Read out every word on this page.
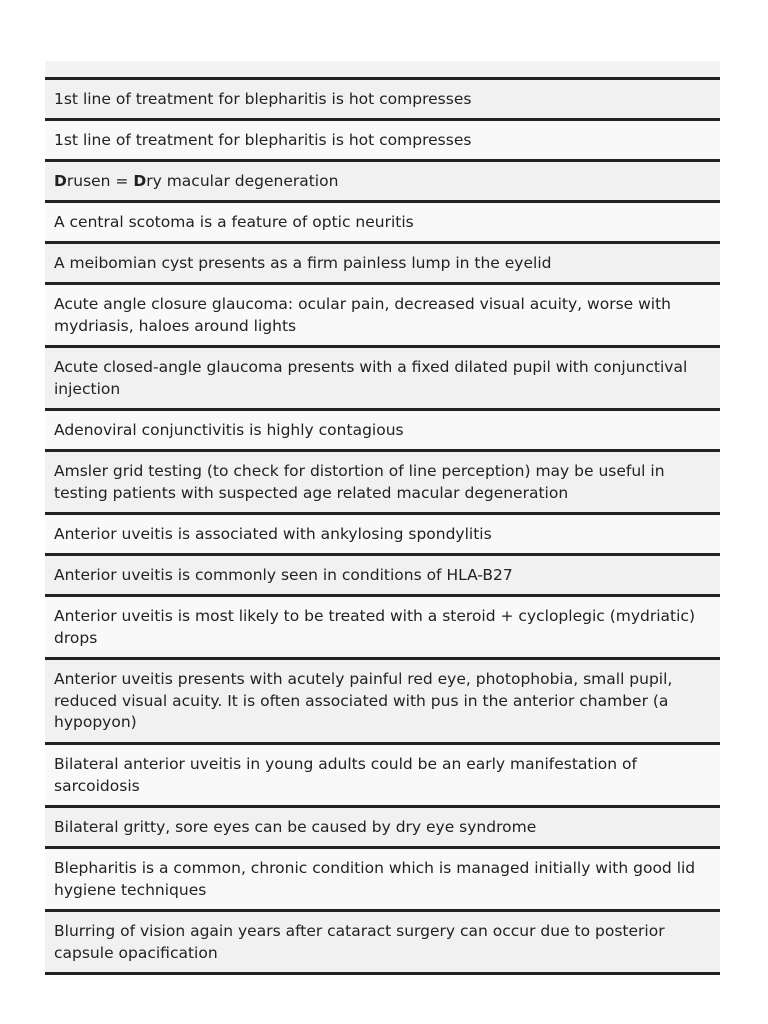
1st line of treatment for blepharitis is hot compresses
1st line of treatment for blepharitis is hot compresses
Drusen = Dry macular degeneration
A central scotoma is a feature of optic neuritis
A meibomian cyst presents as a firm painless lump in the eyelid
Acute angle closure glaucoma: ocular pain, decreased visual acuity, worse with mydriasis, haloes around lights
Acute closed-angle glaucoma presents with a fixed dilated pupil with conjunctival injection
Adenoviral conjunctivitis is highly contagious
Amsler grid testing (to check for distortion of line perception) may be useful in testing patients with suspected age related macular degeneration
Anterior uveitis is associated with ankylosing spondylitis
Anterior uveitis is commonly seen in conditions of HLA-B27
Anterior uveitis is most likely to be treated with a steroid + cycloplegic (mydriatic) drops
Anterior uveitis presents with acutely painful red eye, photophobia, small pupil, reduced visual acuity. It is often associated with pus in the anterior chamber (a hypopyon)
Bilateral anterior uveitis in young adults could be an early manifestation of sarcoidosis
Bilateral gritty, sore eyes can be caused by dry eye syndrome
Blepharitis is a common, chronic condition which is managed initially with good lid hygiene techniques
Blurring of vision again years after cataract surgery can occur due to posterior capsule opacification
